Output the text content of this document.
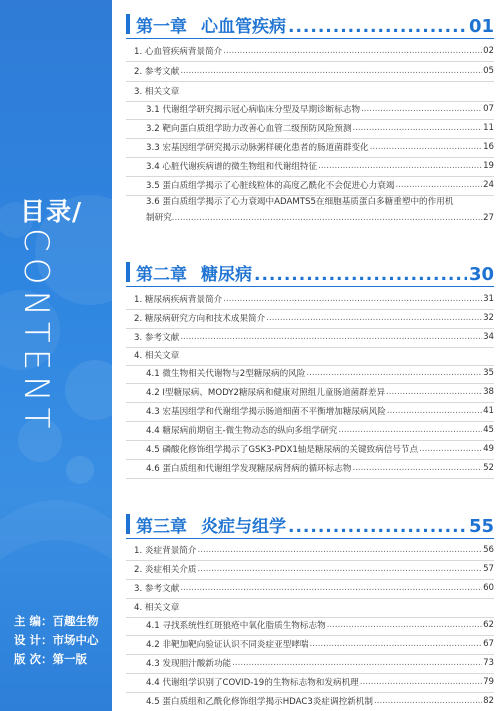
目录/
CONTENT
主 编：百趣生物
设 计：市场中心
版 次：第一版
第一章 心血管疾病 .....	01
1. 心血管疾病背景简介 .....	02
2. 参考文献 .....	05
3. 相关文章
3.1 代谢组学研究揭示冠心病临床分型及早期诊断标志物 .....	07
3.2 靶向蛋白质组学助力改善心血管二级预防风险预测 .....	11
3.3 宏基因组学研究揭示动脉粥样硬化患者的肠道菌群变化 .....	16
3.4 心脏代谢疾病谱的微生物组和代谢组特征 .....	19
3.5 蛋白质组学揭示了心脏线粒体的高度乙酰化不会促进心力衰竭 .....	24
3.6 蛋白质组学揭示了心力衰竭中ADAMTS5在细胞基质蛋白多糖重塑中的作用机
制研究 .....	27
第二章 糖尿病 .....	30
1. 糖尿病疾病背景简介 .....	31
2. 糖尿病研究方向和技术成果简介 .....	32
3. 参考文献 .....	34
4. 相关文章
4.1 微生物相关代谢物与2型糖尿病的风险 .....	35
4.2 I型糖尿病、MODY2糖尿病和健康对照组儿童肠道菌群差异 .....	38
4.3 宏基因组学和代谢组学揭示肠道细菌不平衡增加糖尿病风险 .....	41
4.4 糖尿病前期宿主-微生物动态的纵向多组学研究 .....	45
4.5 磷酸化修饰组学揭示了GSK3-PDX1轴是糖尿病的关键致病信号节点 .....	49
4.6 蛋白质组和代谢组学发现糖尿病肾病的循环标志物 .....	52
第三章 炎症与组学 .....	55
1. 炎症背景简介 .....	56
2. 炎症相关介质 .....	57
3. 参考文献 .....	60
4. 相关文章
4.1 寻找系统性红斑狼疮中氧化脂质生物标志物 .....	62
4.2 非靶加靶向验证认识不同炎症亚型哮喘 .....	67
4.3 发现胆汁酸新功能 .....	73
4.4 代谢组学识别了COVID-19的生物标志物和发病机理 .....	79
4.5 蛋白质组和乙酰化修饰组学揭示HDAC3炎症调控新机制 .....	82
